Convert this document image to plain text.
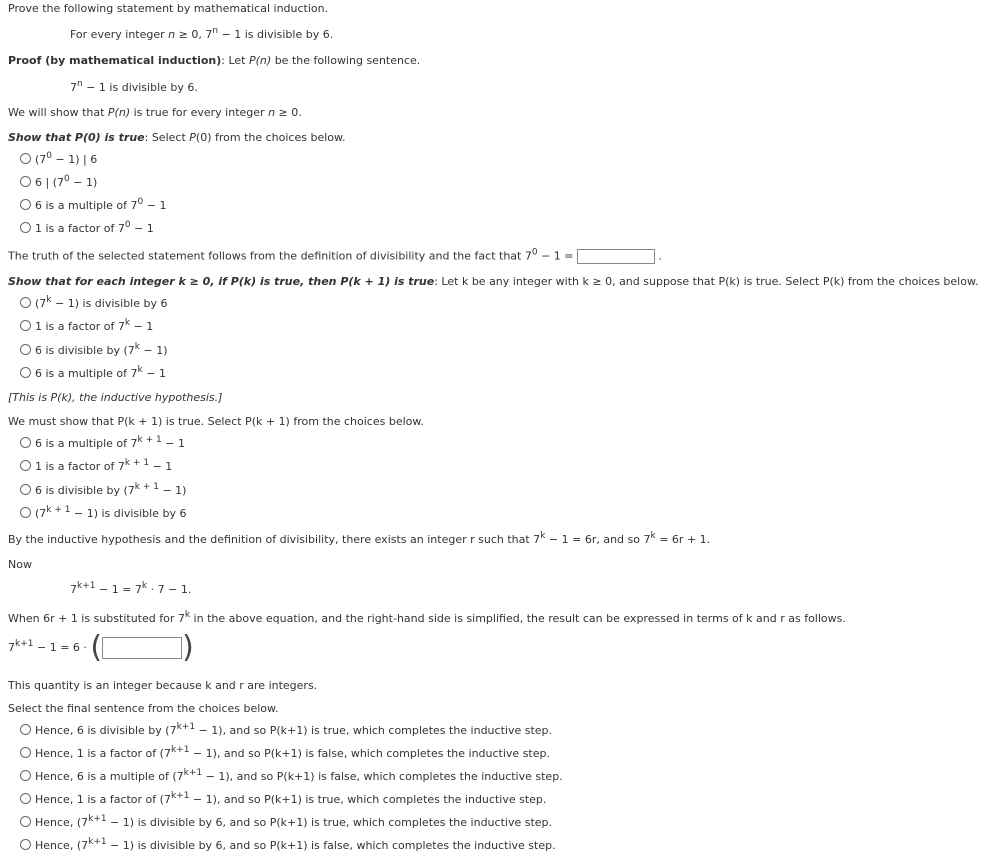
Prove the following statement by mathematical induction.
For every integer n ≥ 0, $7^n - 1$ is divisible by 6.
Proof (by mathematical induction): Let P(n) be the following sentence.
$7^n - 1$ is divisible by 6.
We will show that P(n) is true for every integer n ≥ 0.
Show that P(0) is true: Select P(0) from the choices below.
$(7^0 - 1)$ | 6
6 | $(7^0 - 1)$
6 is a multiple of $7^0 - 1$
1 is a factor of $7^0 - 1$
The truth of the selected statement follows from the definition of divisibility and the fact that $7^0 - 1$ =	.
Show that for each integer k ≥ 0, if P(k) is true, then P(k + 1) is true: Let k be any integer with k ≥ 0, and suppose that P(k) is true. Select P(k) from the choices below.
$(7^k - 1)$ is divisible by 6
1 is a factor of $7^k - 1$
6 is divisible by $(7^k - 1)$
6 is a multiple of $7^k - 1$
[This is P(k), the inductive hypothesis.]
We must show that P(k + 1) is true. Select P(k + 1) from the choices below.
6 is a multiple of $7^{k + 1} - 1$
1 is a factor of $7^{k + 1} - 1$
6 is divisible by $(7^{k + 1} - 1)$
$(7^{k + 1} - 1)$ is divisible by 6
By the inductive hypothesis and the definition of divisibility, there exists an integer r such that $7^k - 1 = 6r$, and so $7^k = 6r + 1$.
Now
$7^{k+1} - 1 = 7^k \cdot 7 - 1$.
When 6r + 1 is substituted for 7$^k$ in the above equation, and the right-hand side is simplified, the result can be expressed in terms of k and r as follows.
$7^{k+1} - 1 = 6$ · (	)
This quantity is an integer because k and r are integers.
Select the final sentence from the choices below.
Hence, 6 is divisible by $(7^{k+1} - 1)$, and so P(k+1) is true, which completes the inductive step.
Hence, 1 is a factor of $(7^{k+1} - 1)$, and so P(k+1) is false, which completes the inductive step.
Hence, 6 is a multiple of $(7^{k+1} - 1)$, and so P(k+1) is false, which completes the inductive step.
Hence, 1 is a factor of $(7^{k+1} - 1)$, and so P(k+1) is true, which completes the inductive step.
Hence, $(7^{k+1} - 1)$ is divisible by 6, and so P(k+1) is true, which completes the inductive step.
Hence, $(7^{k+1} - 1)$ is divisible by 6, and so P(k+1) is false, which completes the inductive step.
